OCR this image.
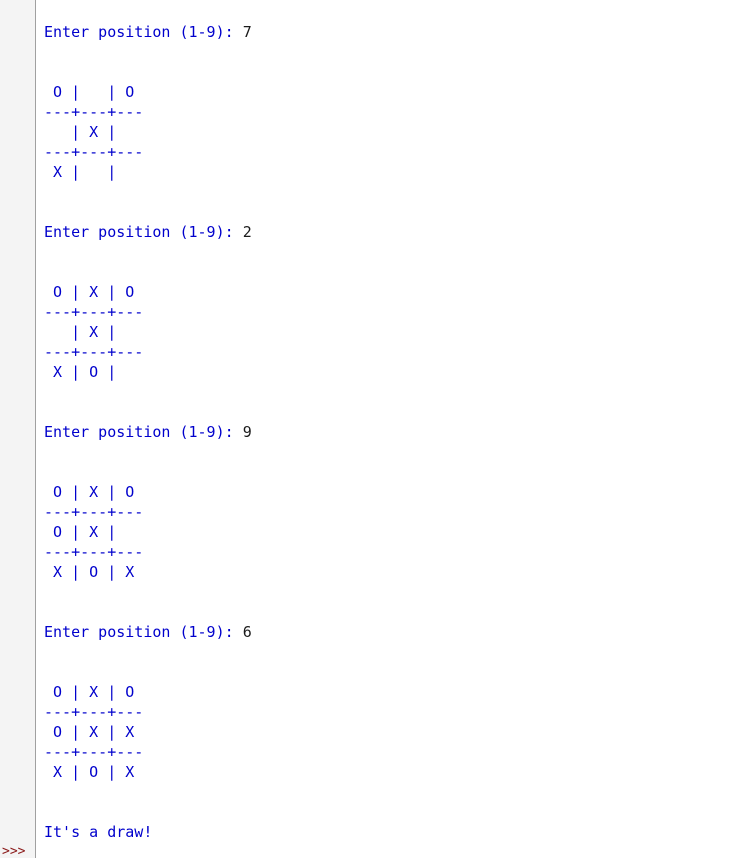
Enter position (1-9): 7
O |   | O
---+---+---
| X |
---+---+---
X |   |
Enter position (1-9): 2
O | X | O
---+---+---
| X |
---+---+---
X | O |
Enter position (1-9): 9
O | X | O
---+---+---
O | X |
---+---+---
X | O | X
Enter position (1-9): 6
O | X | O
---+---+---
O | X | X
---+---+---
X | O | X
It's a draw!
>>>
